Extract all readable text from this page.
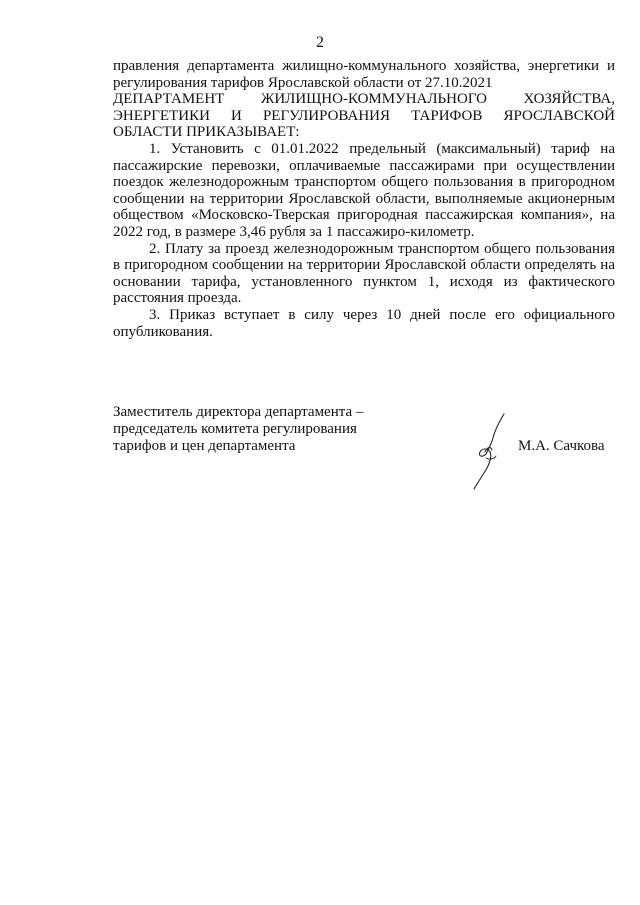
2

правления департамента жилищно-коммунального хозяйства, энергетики и регулирования тарифов Ярославской области от 27.10.2021

ДЕПАРТАМЕНТ ЖИЛИЩНО-КОММУНАЛЬНОГО ХОЗЯЙСТВА, ЭНЕРГЕТИКИ И РЕГУЛИРОВАНИЯ ТАРИФОВ ЯРОСЛАВСКОЙ ОБЛАСТИ ПРИКАЗЫВАЕТ:

1. Установить с 01.01.2022 предельный (максимальный) тариф на пассажирские перевозки, оплачиваемые пассажирами при осуществлении поездок железнодорожным транспортом общего пользования в пригородном сообщении на территории Ярославской области, выполняемые акционерным обществом «Московско-Тверская пригородная пассажирская компания», на 2022 год, в размере 3,46 рубля за 1 пассажиро-километр.

2. Плату за проезд железнодорожным транспортом общего пользования в пригородном сообщении на территории Ярославской области определять на основании тарифа, установленного пунктом 1, исходя из фактического расстояния проезда.

3. Приказ вступает в силу через 10 дней после его официального опубликования.

Заместитель директора департамента –
председатель комитета регулирования
тарифов и цен департамента	М.А. Сачкова
